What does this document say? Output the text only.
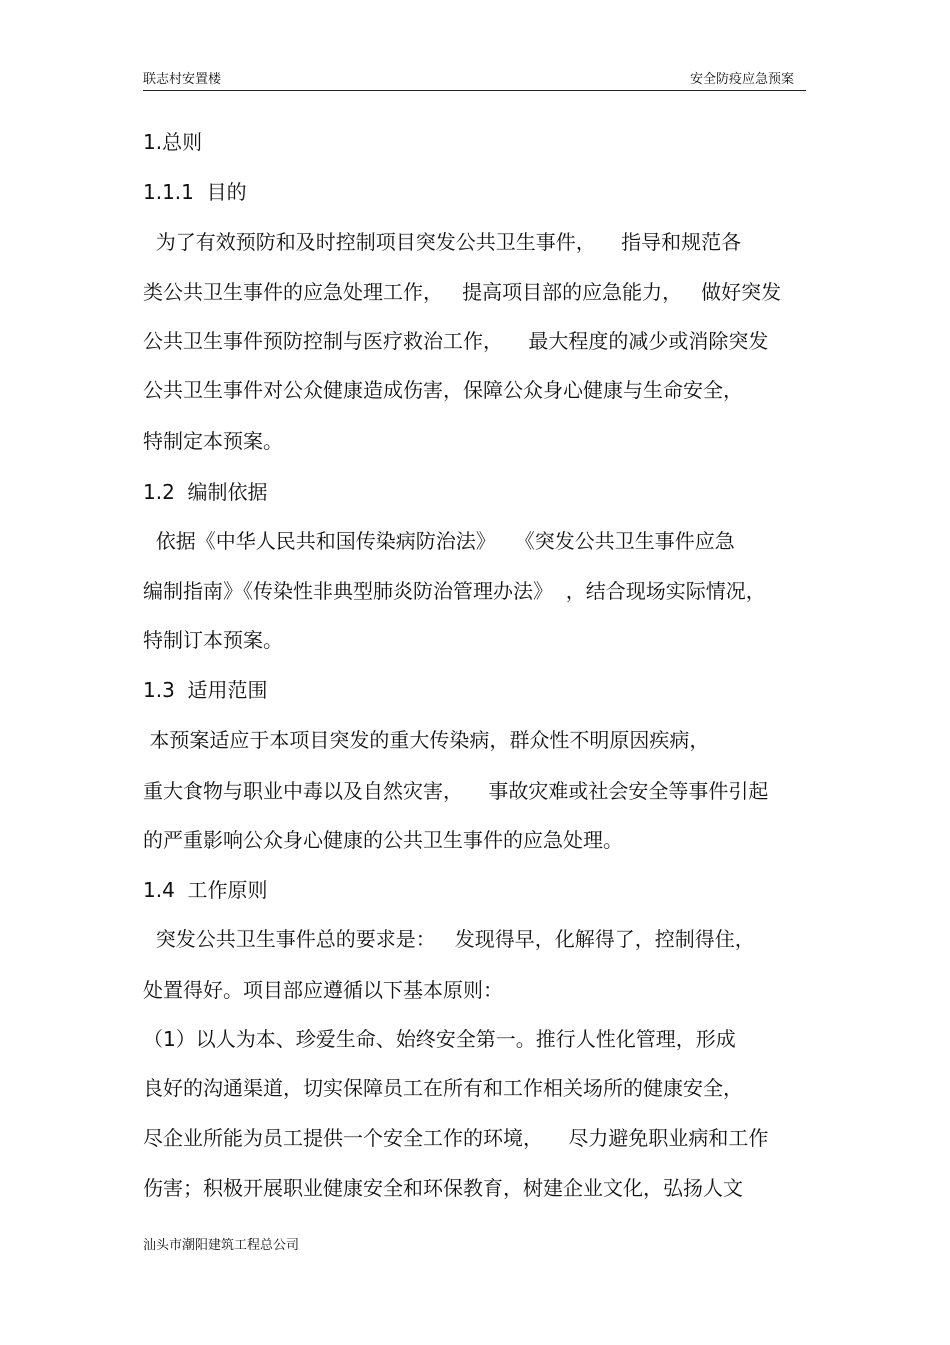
联志村安置楼	安全防疫应急预案
1.总则
1.1.1  目的
为了有效预防和及时控制项目突发公共卫生事件，    指导和规范各
类公共卫生事件的应急处理工作，   提高项目部的应急能力，   做好突发
公共卫生事件预防控制与医疗救治工作，    最大程度的减少或消除突发
公共卫生事件对公众健康造成伤害，保障公众身心健康与生命安全，
特制定本预案。
1.2  编制依据
依据《中华人民共和国传染病防治法》   《突发公共卫生事件应急
编制指南》《传染性非典型肺炎防治管理办法》  ，结合现场实际情况，
特制订本预案。
1.3  适用范围
本预案适应于本项目突发的重大传染病，群众性不明原因疾病，
重大食物与职业中毒以及自然灾害，    事故灾难或社会安全等事件引起
的严重影响公众身心健康的公共卫生事件的应急处理。
1.4  工作原则
突发公共卫生事件总的要求是：   发现得早，化解得了，控制得住，
处置得好。项目部应遵循以下基本原则：
（1）以人为本、珍爱生命、始终安全第一。推行人性化管理，形成
良好的沟通渠道，切实保障员工在所有和工作相关场所的健康安全，
尽企业所能为员工提供一个安全工作的环境，    尽力避免职业病和工作
伤害；积极开展职业健康安全和环保教育，树建企业文化，弘扬人文
汕头市潮阳建筑工程总公司
